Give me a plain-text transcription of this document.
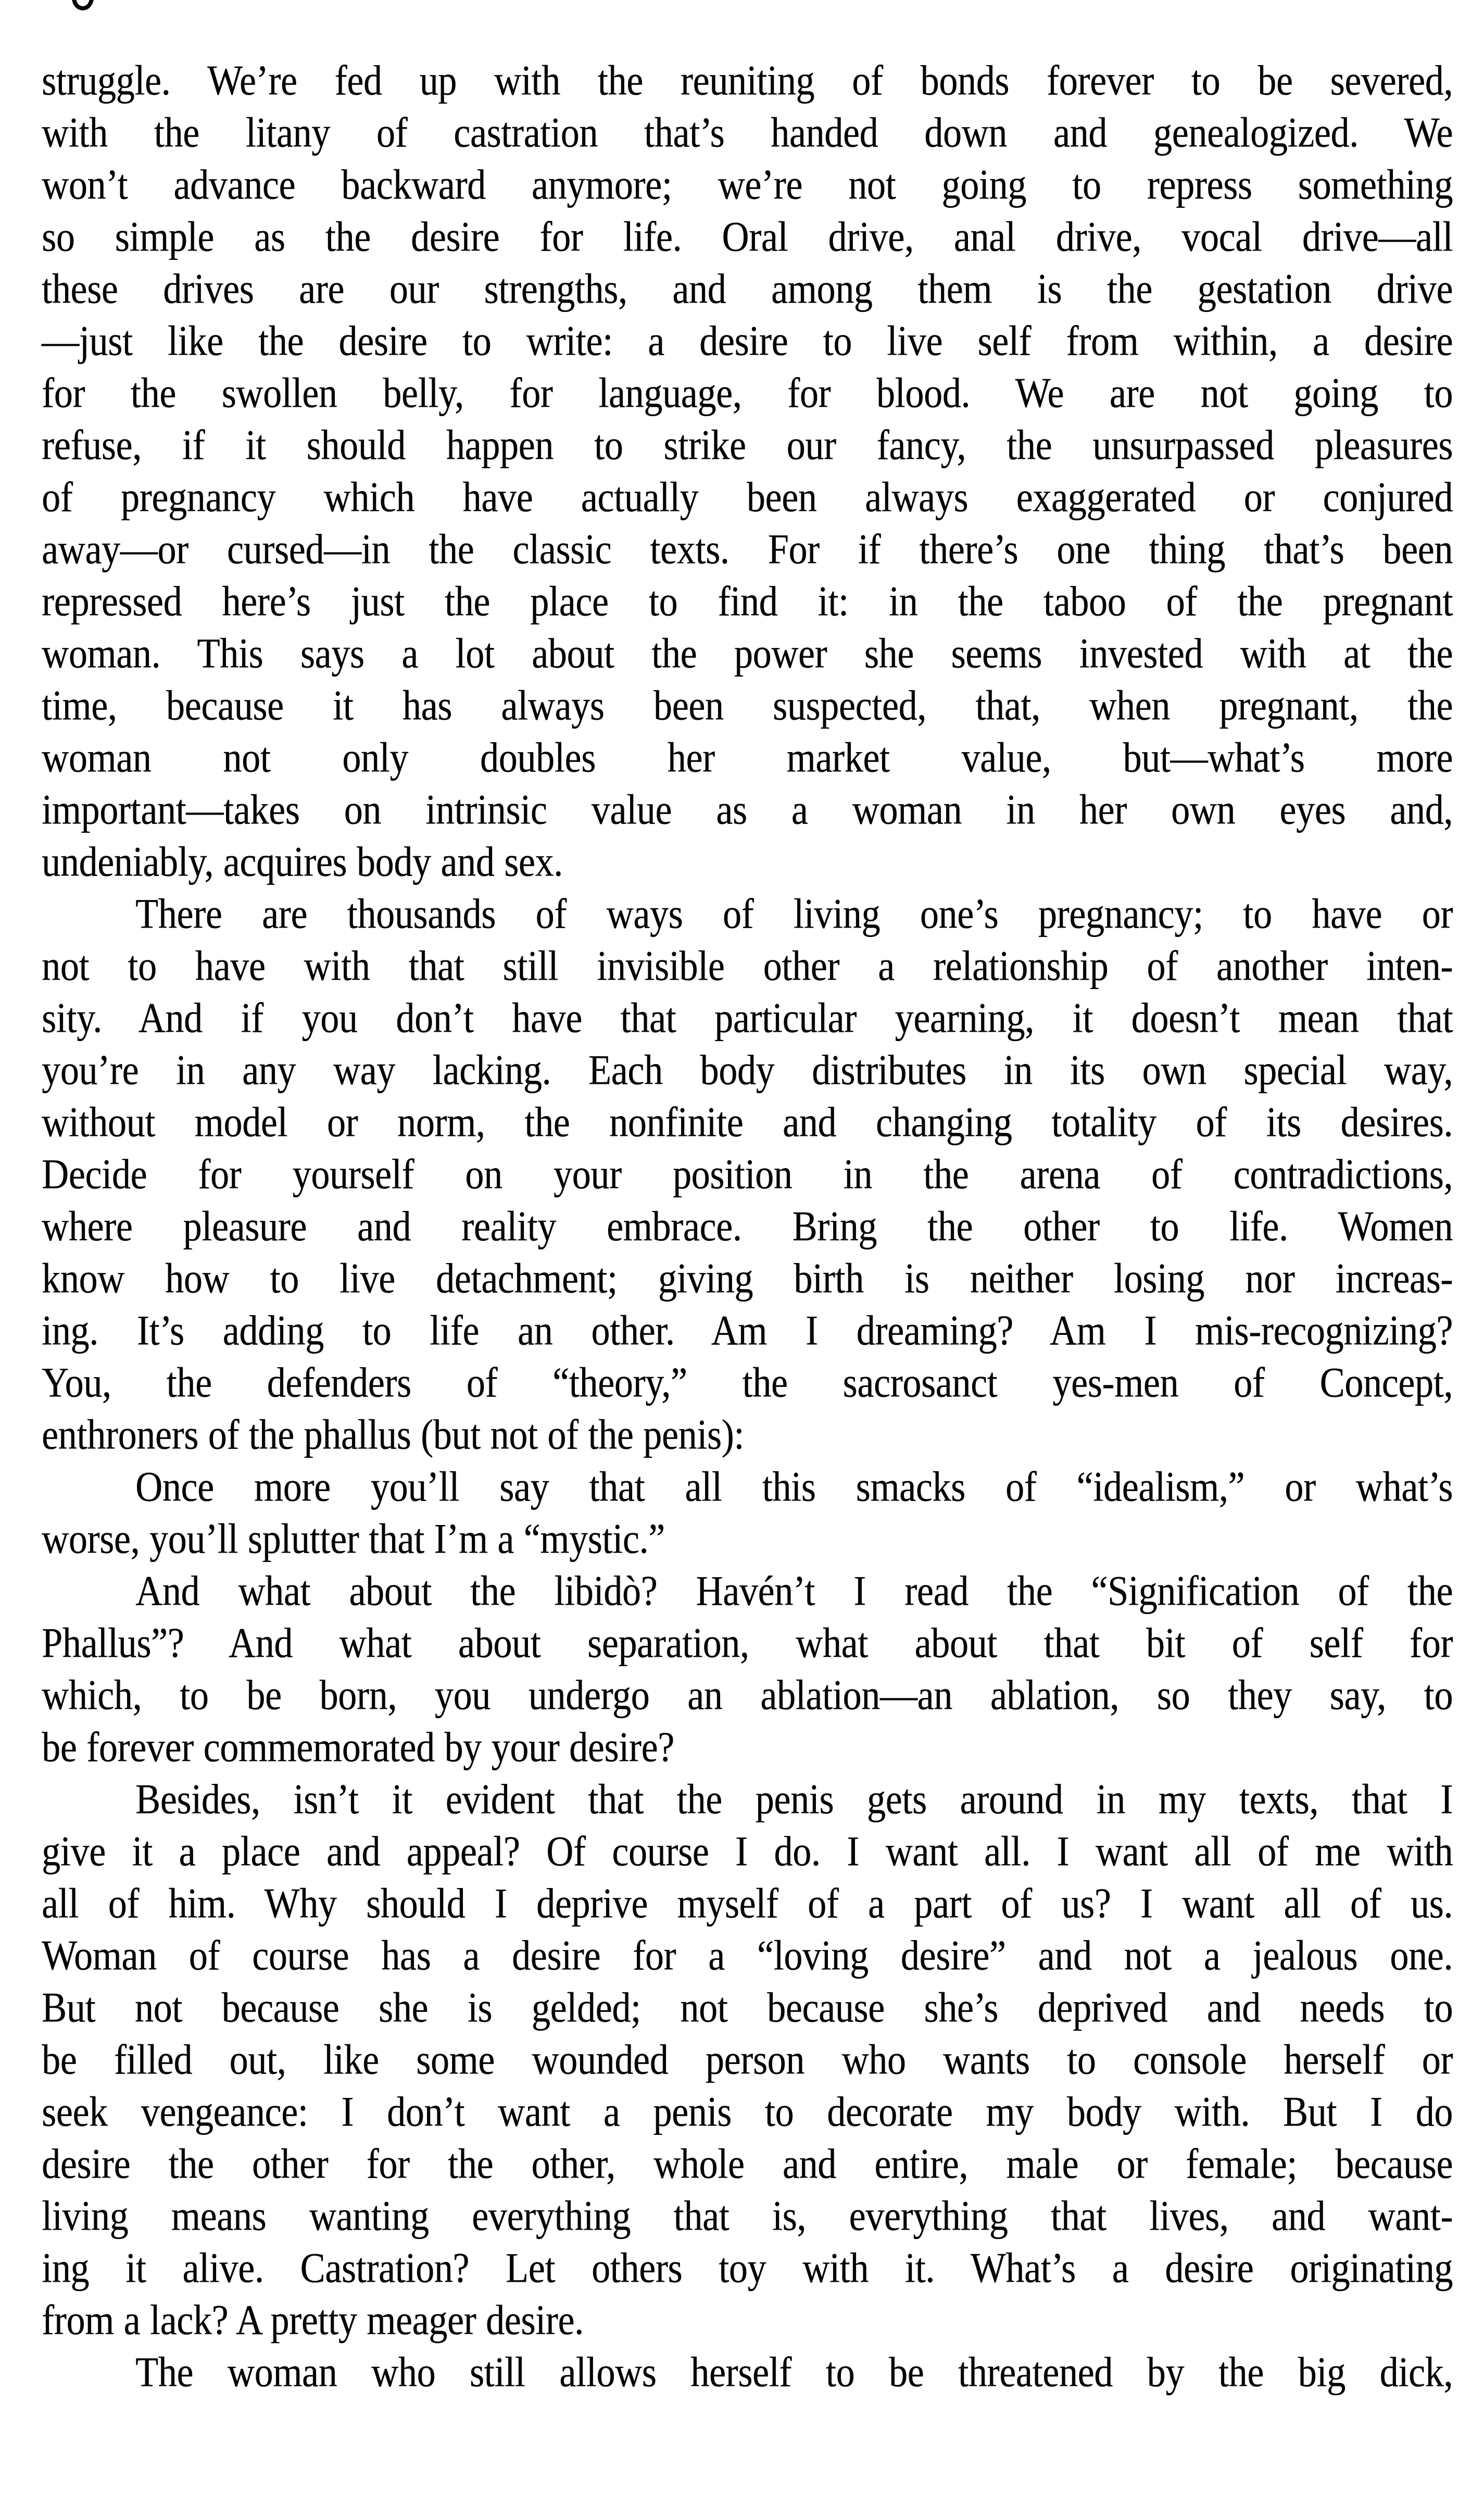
struggle. We’re fed up with the reuniting of bonds forever to be severed,
with the litany of castration that’s handed down and genealogized. We
won’t advance backward anymore; we’re not going to repress something
so simple as the desire for life. Oral drive, anal drive, vocal drive—all
these drives are our strengths, and among them is the gestation drive
—just like the desire to write: a desire to live self from within, a desire
for the swollen belly, for language, for blood. We are not going to
refuse, if it should happen to strike our fancy, the unsurpassed pleasures
of pregnancy which have actually been always exaggerated or conjured
away—or cursed—in the classic texts. For if there’s one thing that’s been
repressed here’s just the place to find it: in the taboo of the pregnant
woman. This says a lot about the power she seems invested with at the
time, because it has always been suspected, that, when pregnant, the
woman not only doubles her market value, but—what’s more
important—takes on intrinsic value as a woman in her own eyes and,
undeniably, acquires body and sex.
There are thousands of ways of living one’s pregnancy; to have or
not to have with that still invisible other a relationship of another inten-
sity. And if you don’t have that particular yearning, it doesn’t mean that
you’re in any way lacking. Each body distributes in its own special way,
without model or norm, the nonfinite and changing totality of its desires.
Decide for yourself on your position in the arena of contradictions,
where pleasure and reality embrace. Bring the other to life. Women
know how to live detachment; giving birth is neither losing nor increas-
ing. It’s adding to life an other. Am I dreaming? Am I mis-recognizing?
You, the defenders of “theory,” the sacrosanct yes-men of Concept,
enthroners of the phallus (but not of the penis):
Once more you’ll say that all this smacks of “idealism,” or what’s
worse, you’ll splutter that I’m a “mystic.”
And what about the libidò? Havén’t I read the “Signification of the
Phallus”? And what about separation, what about that bit of self for
which, to be born, you undergo an ablation—an ablation, so they say, to
be forever commemorated by your desire?
Besides, isn’t it evident that the penis gets around in my texts, that I
give it a place and appeal? Of course I do. I want all. I want all of me with
all of him. Why should I deprive myself of a part of us? I want all of us.
Woman of course has a desire for a “loving desire” and not a jealous one.
But not because she is gelded; not because she’s deprived and needs to
be filled out, like some wounded person who wants to console herself or
seek vengeance: I don’t want a penis to decorate my body with. But I do
desire the other for the other, whole and entire, male or female; because
living means wanting everything that is, everything that lives, and want-
ing it alive. Castration? Let others toy with it. What’s a desire originating
from a lack? A pretty meager desire.
The woman who still allows herself to be threatened by the big dick,
